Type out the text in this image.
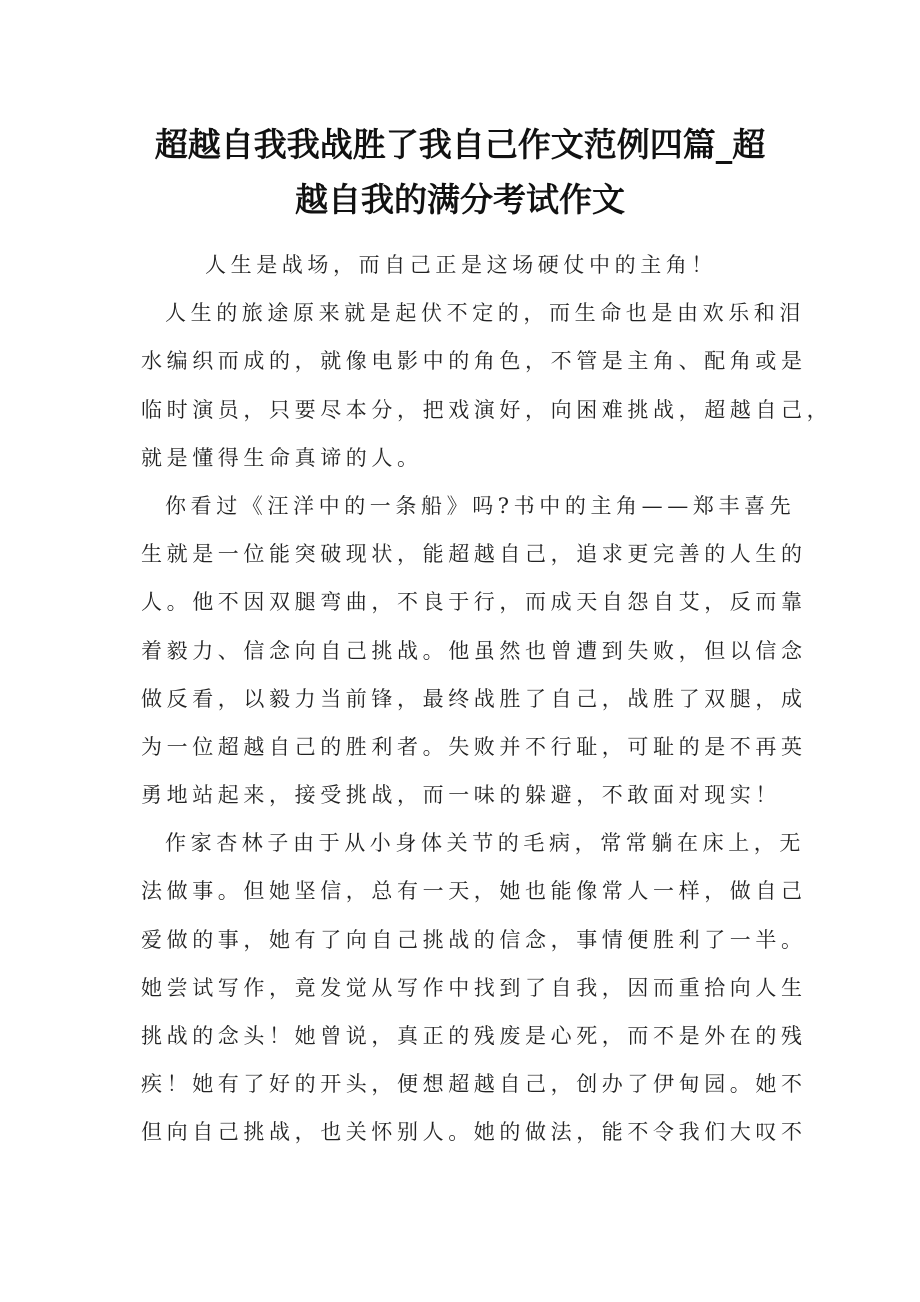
超越自我我战胜了我自己作文范例四篇_超
越自我的满分考试作文
人生是战场，而自己正是这场硬仗中的主角！
人生的旅途原来就是起伏不定的，而生命也是由欢乐和泪
水编织而成的，就像电影中的角色，不管是主角、配角或是
临时演员，只要尽本分，把戏演好，向困难挑战，超越自己，
就是懂得生命真谛的人。
你看过《汪洋中的一条船》吗?书中的主角——郑丰喜先
生就是一位能突破现状，能超越自己，追求更完善的人生的
人。他不因双腿弯曲，不良于行，而成天自怨自艾，反而靠
着毅力、信念向自己挑战。他虽然也曾遭到失败，但以信念
做反看，以毅力当前锋，最终战胜了自己，战胜了双腿，成
为一位超越自己的胜利者。失败并不行耻，可耻的是不再英
勇地站起来，接受挑战，而一味的躲避，不敢面对现实！
作家杏林子由于从小身体关节的毛病，常常躺在床上，无
法做事。但她坚信，总有一天，她也能像常人一样，做自己
爱做的事，她有了向自己挑战的信念，事情便胜利了一半。
她尝试写作，竟发觉从写作中找到了自我，因而重拾向人生
挑战的念头！她曾说，真正的残废是心死，而不是外在的残
疾！她有了好的开头，便想超越自己，创办了伊甸园。她不
但向自己挑战，也关怀别人。她的做法，能不令我们大叹不
